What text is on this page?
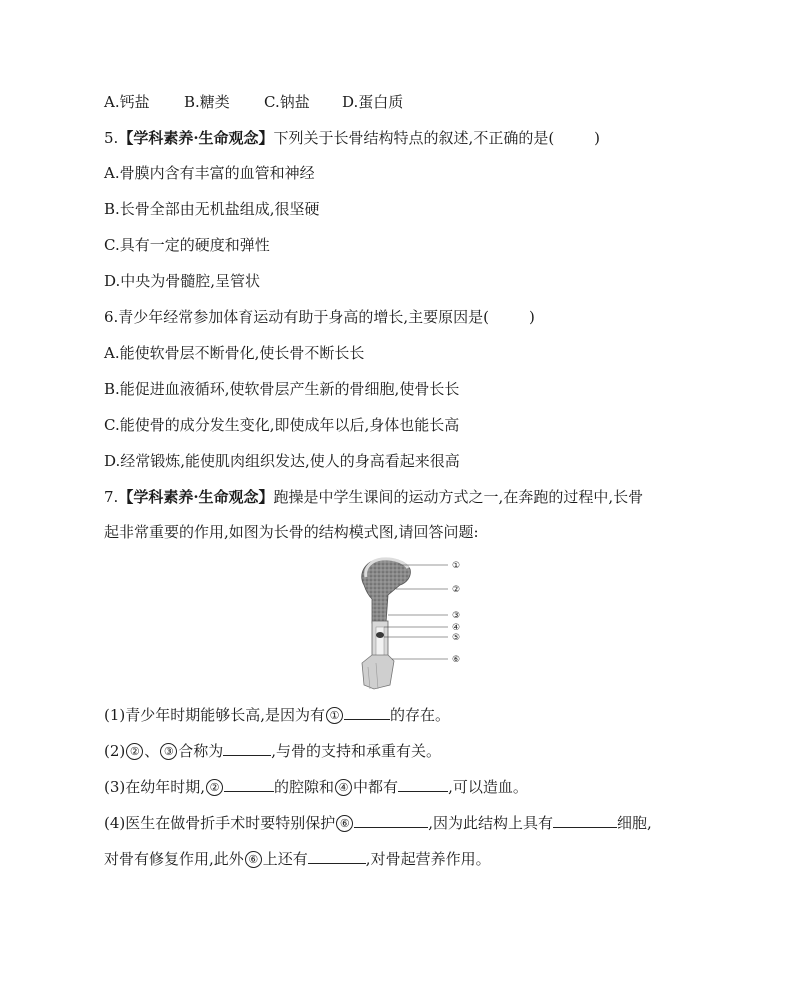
A.钙盐 B.糖类 C.钠盐 D.蛋白质
5.【学科素养·生命观念】下列关于长骨结构特点的叙述,不正确的是(	)
A.骨膜内含有丰富的血管和神经
B.长骨全部由无机盐组成,很坚硬
C.具有一定的硬度和弹性
D.中央为骨髓腔,呈管状
6.青少年经常参加体育运动有助于身高的增长,主要原因是(	)
A.能使软骨层不断骨化,使长骨不断长长
B.能促进血液循环,使软骨层产生新的骨细胞,使骨长长
C.能使骨的成分发生变化,即使成年以后,身体也能长高
D.经常锻炼,能使肌肉组织发达,使人的身高看起来很高
7.【学科素养·生命观念】跑操是中学生课间的运动方式之一,在奔跑的过程中,长骨
起非常重要的作用,如图为长骨的结构模式图,请回答问题:
①
②
③
④
⑤
⑥
(1)青少年时期能够长高,是因为有 ①	的存在。
(2) ② 、 ③ 合称为	,与骨的支持和承重有关。
(3)在幼年时期, ②	的腔隙和 ④ 中都有	,可以造血。
(4)医生在做骨折手术时要特别保护 ⑥	,因为此结构上具有	细胞,
对骨有修复作用,此外 ⑥ 上还有	,对骨起营养作用。
